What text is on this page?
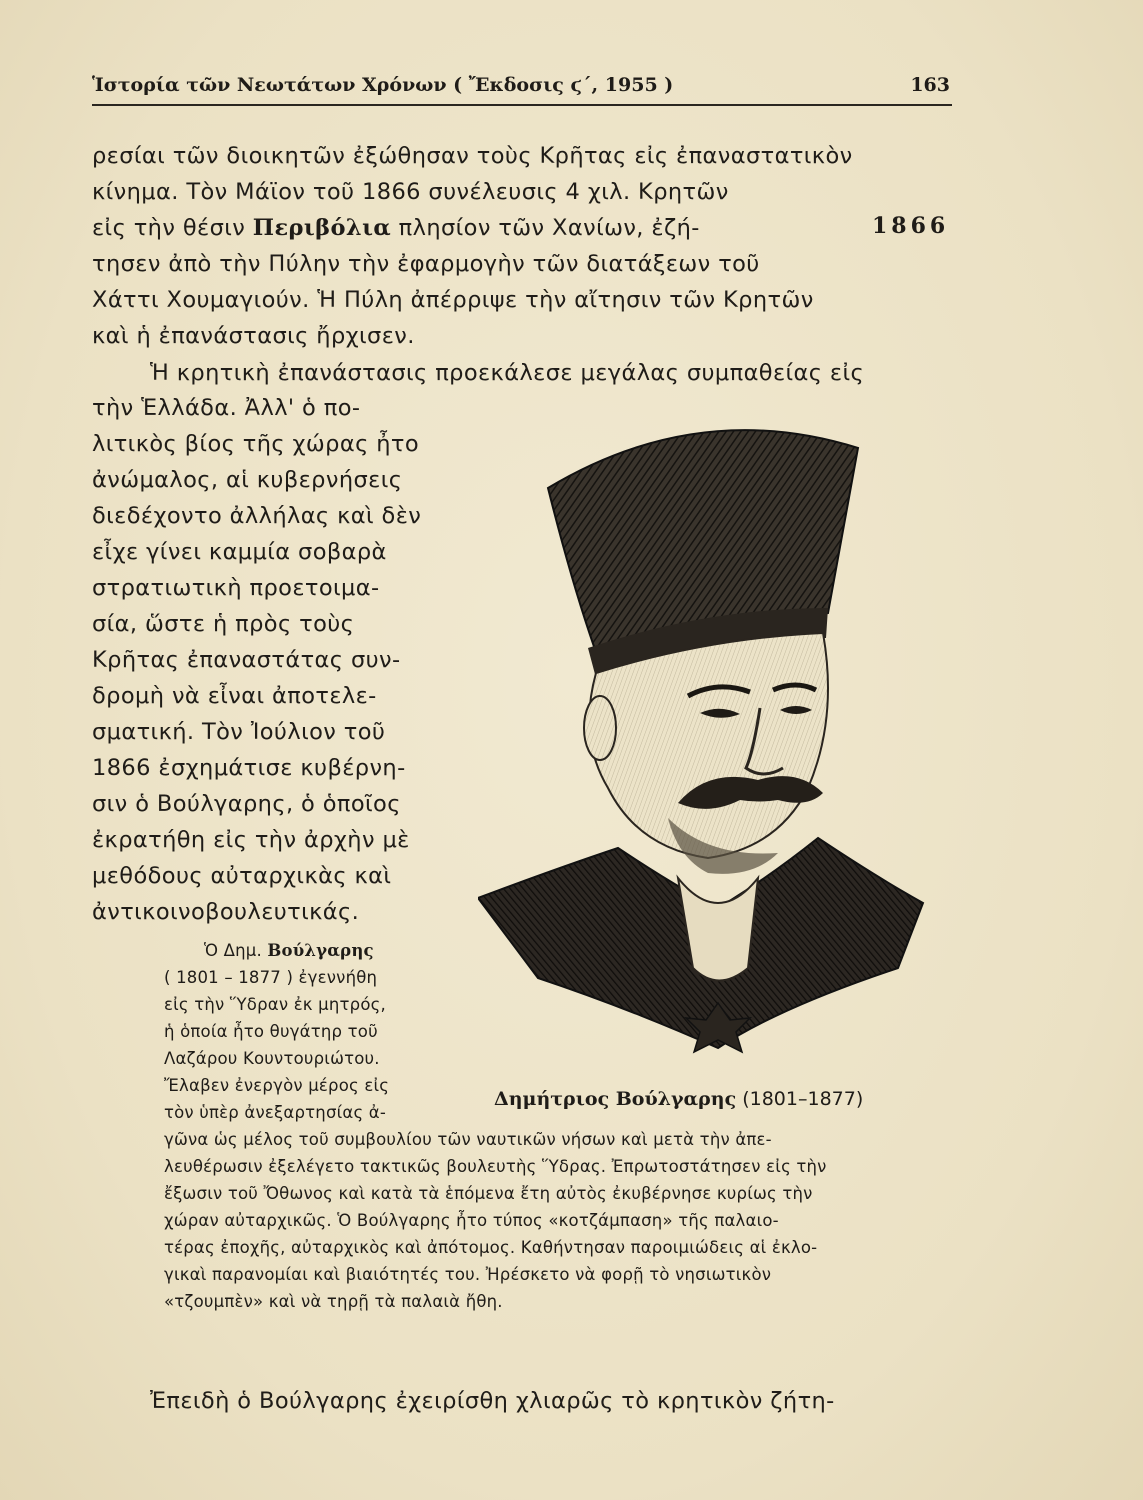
Ἱστορία τῶν Νεωτάτων Χρόνων ( Ἔκδοσις ϛ΄, 1955 )	163
ρεσίαι τῶν διοικητῶν ἐξώθησαν τοὺς Κρῆτας εἰς ἐπαναστατικὸν
κίνημα. Τὸν Μάϊον τοῦ 1866 συνέλευσις 4 χιλ. Κρητῶν
εἰς τὴν θέσιν Περιβόλια πλησίον τῶν Χανίων, ἐζή-	1866
τησεν ἀπὸ τὴν Πύλην τὴν ἐφαρμογὴν τῶν διατάξεων τοῦ
Χάττι Χουμαγιούν. Ἡ Πύλη ἀπέρριψε τὴν αἴτησιν τῶν Κρητῶν
καὶ ἡ ἐπανάστασις ἤρχισεν.
Ἡ κρητικὴ ἐπανάστασις προεκάλεσε μεγάλας συμπαθείας εἰς
τὴν Ἑλλάδα. Ἀλλ' ὁ πο-
λιτικὸς βίος τῆς χώρας ἦτο
ἀνώμαλος, αἱ κυβερνήσεις
διεδέχοντο ἀλλήλας καὶ δὲν
εἶχε γίνει καμμία σοβαρὰ
στρατιωτικὴ προετοιμα-
σία, ὥστε ἡ πρὸς τοὺς
Κρῆτας ἐπαναστάτας συν-
δρομὴ νὰ εἶναι ἀποτελε-
σματική. Τὸν Ἰούλιον τοῦ
1866 ἐσχημάτισε κυβέρνη-
σιν ὁ Βούλγαρης, ὁ ὁποῖος
ἐκρατήθη εἰς τὴν ἀρχὴν μὲ
μεθόδους αὐταρχικὰς καὶ
ἀντικοινοβουλευτικάς.
Ὁ Δημ. Βούλγαρης
( 1801 – 1877 ) ἐγεννήθη
εἰς τὴν Ὕδραν ἐκ μητρός,
ἡ ὁποία ἦτο θυγάτηρ τοῦ
Λαζάρου Κουντουριώτου.
Ἔλαβεν ἐνεργὸν μέρος εἰς
τὸν ὑπὲρ ἀνεξαρτησίας ἀ-
γῶνα ὡς μέλος τοῦ συμβουλίου τῶν ναυτικῶν νήσων καὶ μετὰ τὴν ἀπε-
λευθέρωσιν ἐξελέγετο τακτικῶς βουλευτὴς Ὕδρας. Ἐπρωτοστάτησεν εἰς τὴν
ἔξωσιν τοῦ Ὄθωνος καὶ κατὰ τὰ ἑπόμενα ἔτη αὐτὸς ἐκυβέρνησε κυρίως τὴν
χώραν αὐταρχικῶς. Ὁ Βούλγαρης ἦτο τύπος «κοτζάμπαση» τῆς παλαιο-
τέρας ἐποχῆς, αὐταρχικὸς καὶ ἀπότομος. Καθήντησαν παροιμιώδεις αἱ ἐκλο-
γικαὶ παρανομίαι καὶ βιαιότητές του. Ἠρέσκετο νὰ φορῇ τὸ νησιωτικὸν
«τζουμπὲν» καὶ νὰ τηρῇ τὰ παλαιὰ ἤθη.
Ἐπειδὴ ὁ Βούλγαρης ἐχειρίσθη χλιαρῶς τὸ κρητικὸν ζήτη-
Δημήτριος Βούλγαρης (1801–1877)
